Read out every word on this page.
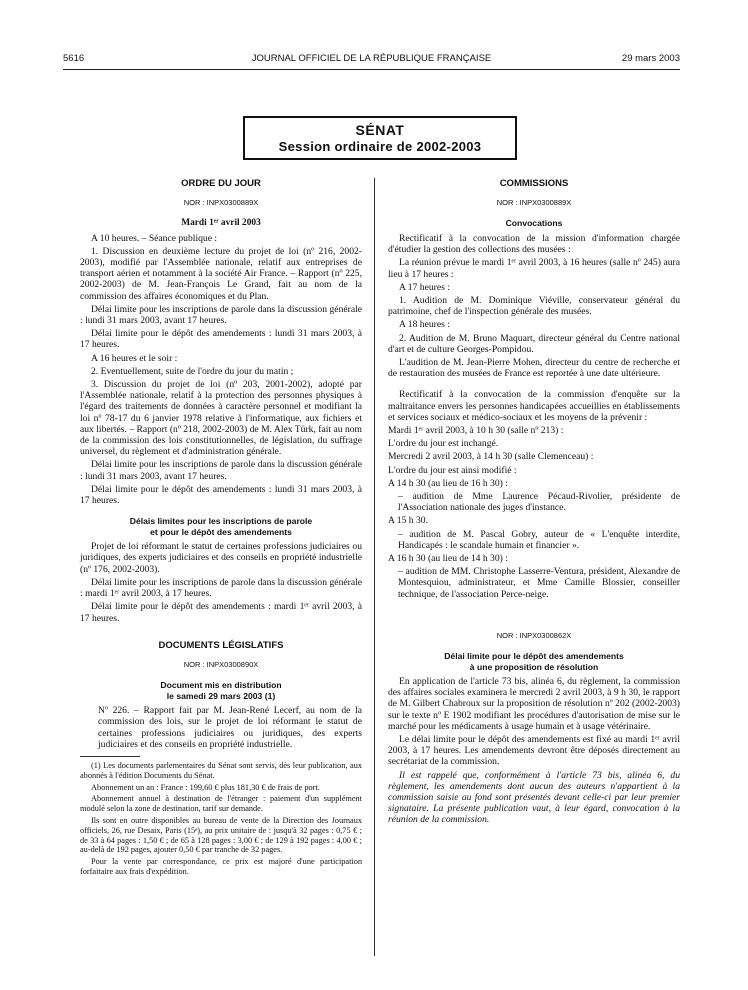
5616	JOURNAL OFFICIEL DE LA RÉPUBLIQUE FRANÇAISE	29 mars 2003
SÉNAT
Session ordinaire de 2002-2003
ORDRE DU JOUR
NOR : INPX0300889X
Mardi 1ᵉʳ avril 2003

A 10 heures. – Séance publique :

1. Discussion en deuxième lecture du projet de loi (nº 216, 2002-2003), modifié par l'Assemblée nationale, relatif aux entreprises de transport aérien et notamment à la société Air France. – Rapport (nº 225, 2002-2003) de M. Jean-François Le Grand, fait au nom de la commission des affaires économiques et du Plan.

Délai limite pour les inscriptions de parole dans la discussion générale : lundi 31 mars 2003, avant 17 heures.

Délai limite pour le dépôt des amendements : lundi 31 mars 2003, à 17 heures.

A 16 heures et le soir :

2. Eventuellement, suite de l'ordre du jour du matin ;

3. Discussion du projet de loi (nº 203, 2001-2002), adopté par l'Assemblée nationale, relatif à la protection des personnes physiques à l'égard des traitements de données à caractère personnel et modifiant la loi nº 78-17 du 6 janvier 1978 relative à l'informatique, aux fichiers et aux libertés. – Rapport (nº 218, 2002-2003) de M. Alex Türk, fait au nom de la commission des lois constitutionnelles, de législation, du suffrage universel, du règlement et d'administration générale.

Délai limite pour les inscriptions de parole dans la discussion générale : lundi 31 mars 2003, avant 17 heures.

Délai limite pour le dépôt des amendements : lundi 31 mars 2003, à 17 heures.

Délais limites pour les inscriptions de parole
et pour le dépôt des amendements

Projet de loi réformant le statut de certaines professions judiciaires ou juridiques, des experts judiciaires et des conseils en propriété industrielle (nº 176, 2002-2003).

Délai limite pour les inscriptions de parole dans la discussion générale : mardi 1ᵉʳ avril 2003, à 17 heures.

Délai limite pour le dépôt des amendements : mardi 1ᵉʳ avril 2003, à 17 heures.

DOCUMENTS LÉGISLATIFS
NOR : INPX0300890X
Document mis en distribution
le samedi 29 mars 2003 (1)

Nº 226. – Rapport fait par M. Jean-René Lecerf, au nom de la commission des lois, sur le projet de loi réformant le statut de certaines professions judiciaires ou juridiques, des experts judiciaires et des conseils en propriété industrielle.

(1) Les documents parlementaires du Sénat sont servis, dès leur publication, aux abonnés à l'édition Documents du Sénat.

Abonnement un an : France : 199,60 € plus 181,30 € de frais de port.

Abonnement annuel à destination de l'étranger : paiement d'un supplément modulé selon la zone de destination, tarif sur demande.

Ils sont en outre disponibles au bureau de vente de la Direction des Journaux officiels, 26, rue Desaix, Paris (15ᵉ), au prix unitaire de : jusqu'à 32 pages : 0,75 € ; de 33 à 64 pages : 1,50 € ; de 65 à 128 pages : 3,00 € ; de 129 à 192 pages : 4,00 € ; au-delà de 192 pages, ajouter 0,50 € par tranche de 32 pages.

Pour la vente par correspondance, ce prix est majoré d'une participation forfaitaire aux frais d'expédition.

COMMISSIONS
NOR : INPX0300889X
Convocations

Rectificatif à la convocation de la mission d'information chargée d'étudier la gestion des collections des musées :

La réunion prévue le mardi 1ᵉʳ avril 2003, à 16 heures (salle nº 245) aura lieu à 17 heures :

A 17 heures :

1. Audition de M. Dominique Viéville, conservateur général du patrimoine, chef de l'inspection générale des musées.

A 18 heures :

2. Audition de M. Bruno Maquart, directeur général du Centre national d'art et de culture Georges-Pompidou.

L'audition de M. Jean-Pierre Mohen, directeur du centre de recherche et de restauration des musées de France est reportée à une date ultérieure.

Rectificatif à la convocation de la commission d'enquête sur la maltraitance envers les personnes handicapées accueillies en établissements et services sociaux et médico-sociaux et les moyens de la prévenir :

Mardi 1ᵉʳ avril 2003, à 10 h 30 (salle nº 213) :

L'ordre du jour est inchangé.

Mercredi 2 avril 2003, à 14 h 30 (salle Clemenceau) :

L'ordre du jour est ainsi modifié :

A 14 h 30 (au lieu de 16 h 30) :

– audition de Mme Laurence Pécaud-Rivolier, présidente de l'Association nationale des juges d'instance.

A 15 h 30.

– audition de M. Pascal Gobry, auteur de « L'enquête interdite, Handicapés : le scandale humain et financier ».

A 16 h 30 (au lieu de 14 h 30) :

– audition de MM. Christophe Lasserre-Ventura, président, Alexandre de Montesquiou, administrateur, et Mme Camille Blossier, conseiller technique, de l'association Perce-neige.

NOR : INPX0300862X
Délai limite pour le dépôt des amendements
à une proposition de résolution

En application de l'article 73 bis, alinéa 6, du règlement, la commission des affaires sociales examinera le mercredi 2 avril 2003, à 9 h 30, le rapport de M. Gilbert Chabroux sur la proposition de résolution nº 202 (2002-2003) sur le texte nº E 1902 modifiant les procédures d'autorisation de mise sur le marché pour les médicaments à usage humain et à usage vétérinaire.

Le délai limite pour le dépôt des amendements est fixé au mardi 1ᵉʳ avril 2003, à 17 heures. Les amendements devront être déposés directement au secrétariat de la commission.

Il est rappelé que, conformément à l'article 73 bis, alinéa 6, du règlement, les amendements dont aucun des auteurs n'appartient à la commission saisie au fond sont présentés devant celle-ci par leur premier signataire. La présente publication vaut, à leur égard, convocation à la réunion de la commission.
